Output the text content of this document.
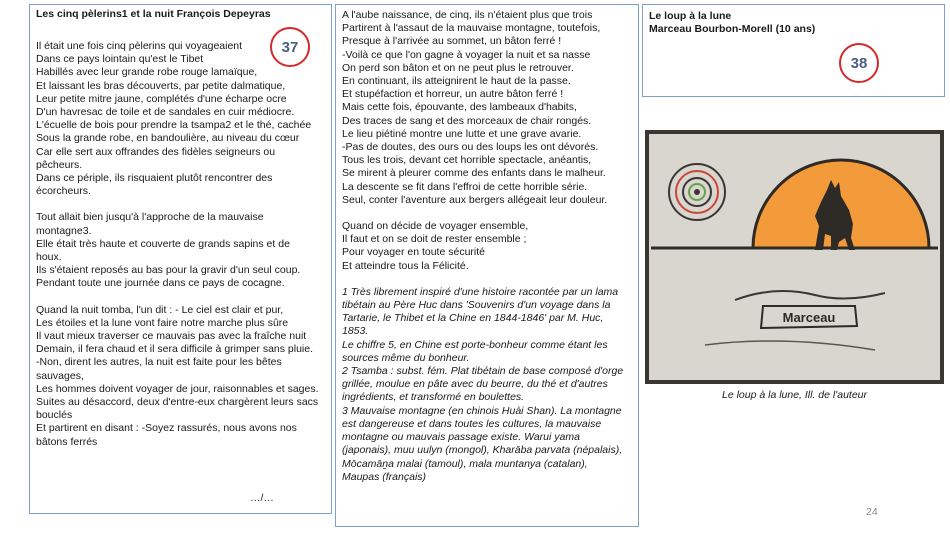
Les cinq pèlerins1 et la nuit François Depeyras

Il était une fois cinq pèlerins qui voyageaient
Dans ce pays lointain qu'est le Tibet
Habillés avec leur grande robe rouge lamaïque,
Et laissant les bras découverts, par petite dalmatique,
Leur petite mitre jaune, complétés d'une écharpe ocre
D'un havresac de toile et de sandales en cuir médiocre.
L'écuelle de bois pour prendre la tsampa2 et le thé, cachée
Sous la grande robe, en bandoulière, au niveau du cœur
Car elle sert aux offrandes des fidèles seigneurs ou
pêcheurs.
Dans ce périple, ils risquaient plutôt rencontrer des
écorcheurs.

Tout allait bien jusqu'à l'approche de la mauvaise
montagne3.
Elle était très haute et couverte de grands sapins et de
houx.
Ils s'étaient reposés au bas pour la gravir d'un seul coup.
Pendant toute une journée dans ce pays de cocagne.

Quand la nuit tomba, l'un dit : - Le ciel est clair et pur,
Les étoiles et la lune vont faire notre marche plus sûre
Il vaut mieux traverser ce mauvais pas avec la fraîche nuit
Demain, il fera chaud et il sera difficile à grimper sans pluie.
-Non, dirent les autres, la nuit est faite pour les bêtes
sauvages,
Les hommes doivent voyager de jour, raisonnables et sages.
Suites au désaccord, deux d'entre-eux chargèrent leurs sacs
bouclés
Et partirent en disant : -Soyez rassurés, nous avons nos
bâtons ferrés

37
…/…

A l'aube naissance, de cinq, ils n'étaient plus que trois
Partirent à l'assaut de la mauvaise montagne, toutefois,
Presque à l'arrivée au sommet, un bâton ferré !
-Voilà ce que l'on gagne à voyager la nuit et sa nasse
On perd son bâton et on ne peut plus le retrouver.
En continuant, ils atteignirent le haut de la passe.
Et stupéfaction et horreur, un autre bâton ferré !
Mais cette fois, épouvante, des lambeaux d'habits,
Des traces de sang et des morceaux de chair rongés.
Le lieu piétiné montre une lutte et une grave avarie.
-Pas de doutes, des ours ou des loups les ont dévorés.
Tous les trois, devant cet horrible spectacle, anéantis,
Se mirent à pleurer comme des enfants dans le malheur.
La descente se fit dans l'effroi de cette horrible série.
Seul, conter l'aventure aux bergers allégeait leur douleur.

Quand on décide de voyager ensemble,
Il faut et on se doit de rester ensemble ;
Pour voyager en toute sécurité
Et atteindre tous la Félicité.

1 Très librement inspiré d'une histoire racontée par un lama
tibétain au Père Huc dans 'Souvenirs d'un voyage dans la
Tartarie, le Thibet et la Chine en 1844-1846' par M. Huc,
1853.
Le chiffre 5, en Chine est porte-bonheur comme étant les
sources même du bonheur.
2 Tsamba : subst. fém. Plat tibétain de base composé d'orge
grillée, moulue en pâte avec du beurre, du thé et d'autres
ingrédients, et transformé en boulettes.
3 Mauvaise montagne (en chinois Huài Shan). La montagne
est dangereuse et dans toutes les cultures, la mauvaise
montagne ou mauvais passage existe. Warui yama
(japonais), muu uulyn (mongol), Kharāba parvata (népalais),
Mōcamāṉa malai (tamoul), mala muntanya (catalan),
Maupas (français)

Le loup à la lune
Marceau Bourbon-Morell (10 ans)
38
Marceau
Le loup à la lune, Ill. de l'auteur
24
